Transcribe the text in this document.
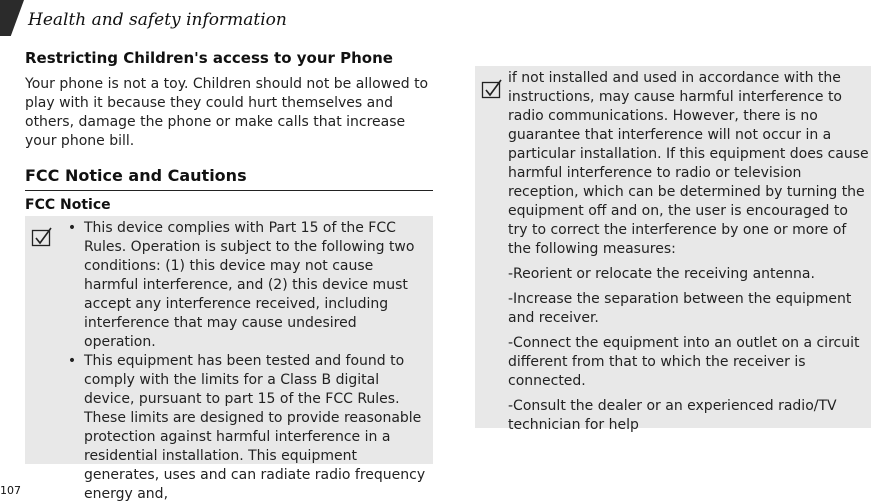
Health and safety information
Restricting Children's access to your Phone
Your phone is not a toy. Children should not be allowed to play with it because they could hurt themselves and others, damage the phone or make calls that increase your phone bill.
FCC Notice and Cautions
FCC Notice
• This device complies with Part 15 of the FCC Rules. Operation is subject to the following two conditions: (1) this device may not cause harmful interference, and (2) this device must accept any interference received, including interference that may cause undesired operation.
• This equipment has been tested and found to comply with the limits for a Class B digital device, pursuant to part 15 of the FCC Rules. These limits are designed to provide reasonable protection against harmful interference in a residential installation. This equipment generates, uses and can radiate radio frequency energy and,

if not installed and used in accordance with the instructions, may cause harmful interference to radio communications. However, there is no guarantee that interference will not occur in a particular installation. If this equipment does cause harmful interference to radio or television reception, which can be determined by turning the equipment off and on, the user is encouraged to try to correct the interference by one or more of the following measures:

-Reorient or relocate the receiving antenna.

-Increase the separation between the equipment and receiver.

-Connect the equipment into an outlet on a circuit different from that to which the receiver is connected.

-Consult the dealer or an experienced radio/TV technician for help

107
